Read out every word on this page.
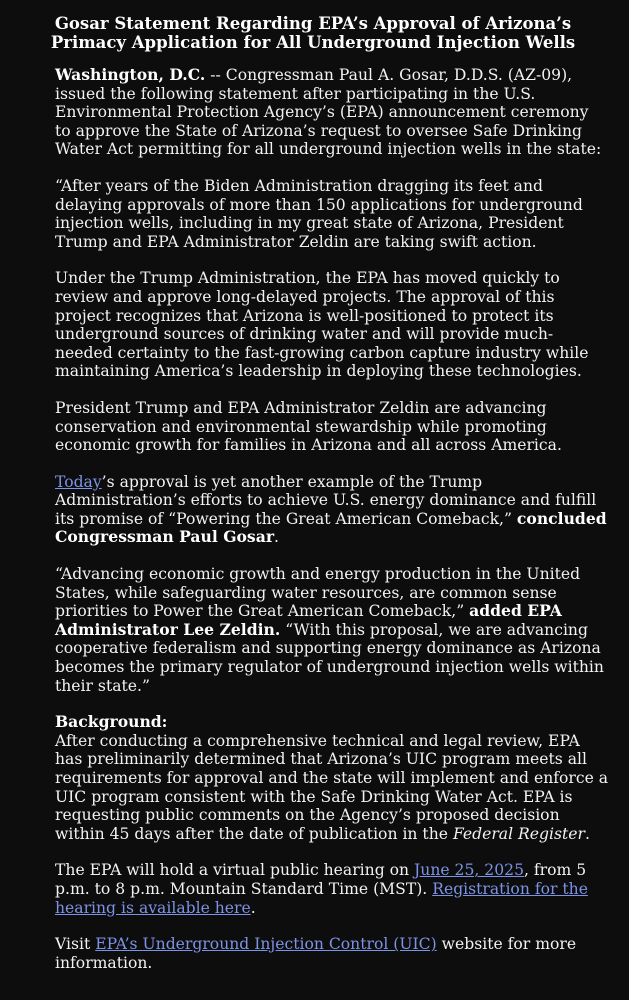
Gosar Statement Regarding EPA’s Approval of Arizona’s Primacy Application for All Underground Injection Wells

Washington, D.C. -- Congressman Paul A. Gosar, D.D.S. (AZ-09), issued the following statement after participating in the U.S. Environmental Protection Agency’s (EPA) announcement ceremony to approve the State of Arizona’s request to oversee Safe Drinking Water Act permitting for all underground injection wells in the state:

“After years of the Biden Administration dragging its feet and delaying approvals of more than 150 applications for underground injection wells, including in my great state of Arizona, President Trump and EPA Administrator Zeldin are taking swift action.

Under the Trump Administration, the EPA has moved quickly to review and approve long-delayed projects. The approval of this project recognizes that Arizona is well-positioned to protect its underground sources of drinking water and will provide much-needed certainty to the fast-growing carbon capture industry while maintaining America’s leadership in deploying these technologies.

President Trump and EPA Administrator Zeldin are advancing conservation and environmental stewardship while promoting economic growth for families in Arizona and all across America.

Today’s approval is yet another example of the Trump Administration’s efforts to achieve U.S. energy dominance and fulfill its promise of “Powering the Great American Comeback,” concluded Congressman Paul Gosar.

“Advancing economic growth and energy production in the United States, while safeguarding water resources, are common sense priorities to Power the Great American Comeback,” added EPA Administrator Lee Zeldin. “With this proposal, we are advancing cooperative federalism and supporting energy dominance as Arizona becomes the primary regulator of underground injection wells within their state.”

Background:
After conducting a comprehensive technical and legal review, EPA has preliminarily determined that Arizona’s UIC program meets all requirements for approval and the state will implement and enforce a UIC program consistent with the Safe Drinking Water Act. EPA is requesting public comments on the Agency’s proposed decision within 45 days after the date of publication in the Federal Register.

The EPA will hold a virtual public hearing on June 25, 2025, from 5 p.m. to 8 p.m. Mountain Standard Time (MST). Registration for the hearing is available here.

Visit EPA’s Underground Injection Control (UIC) website for more information.
